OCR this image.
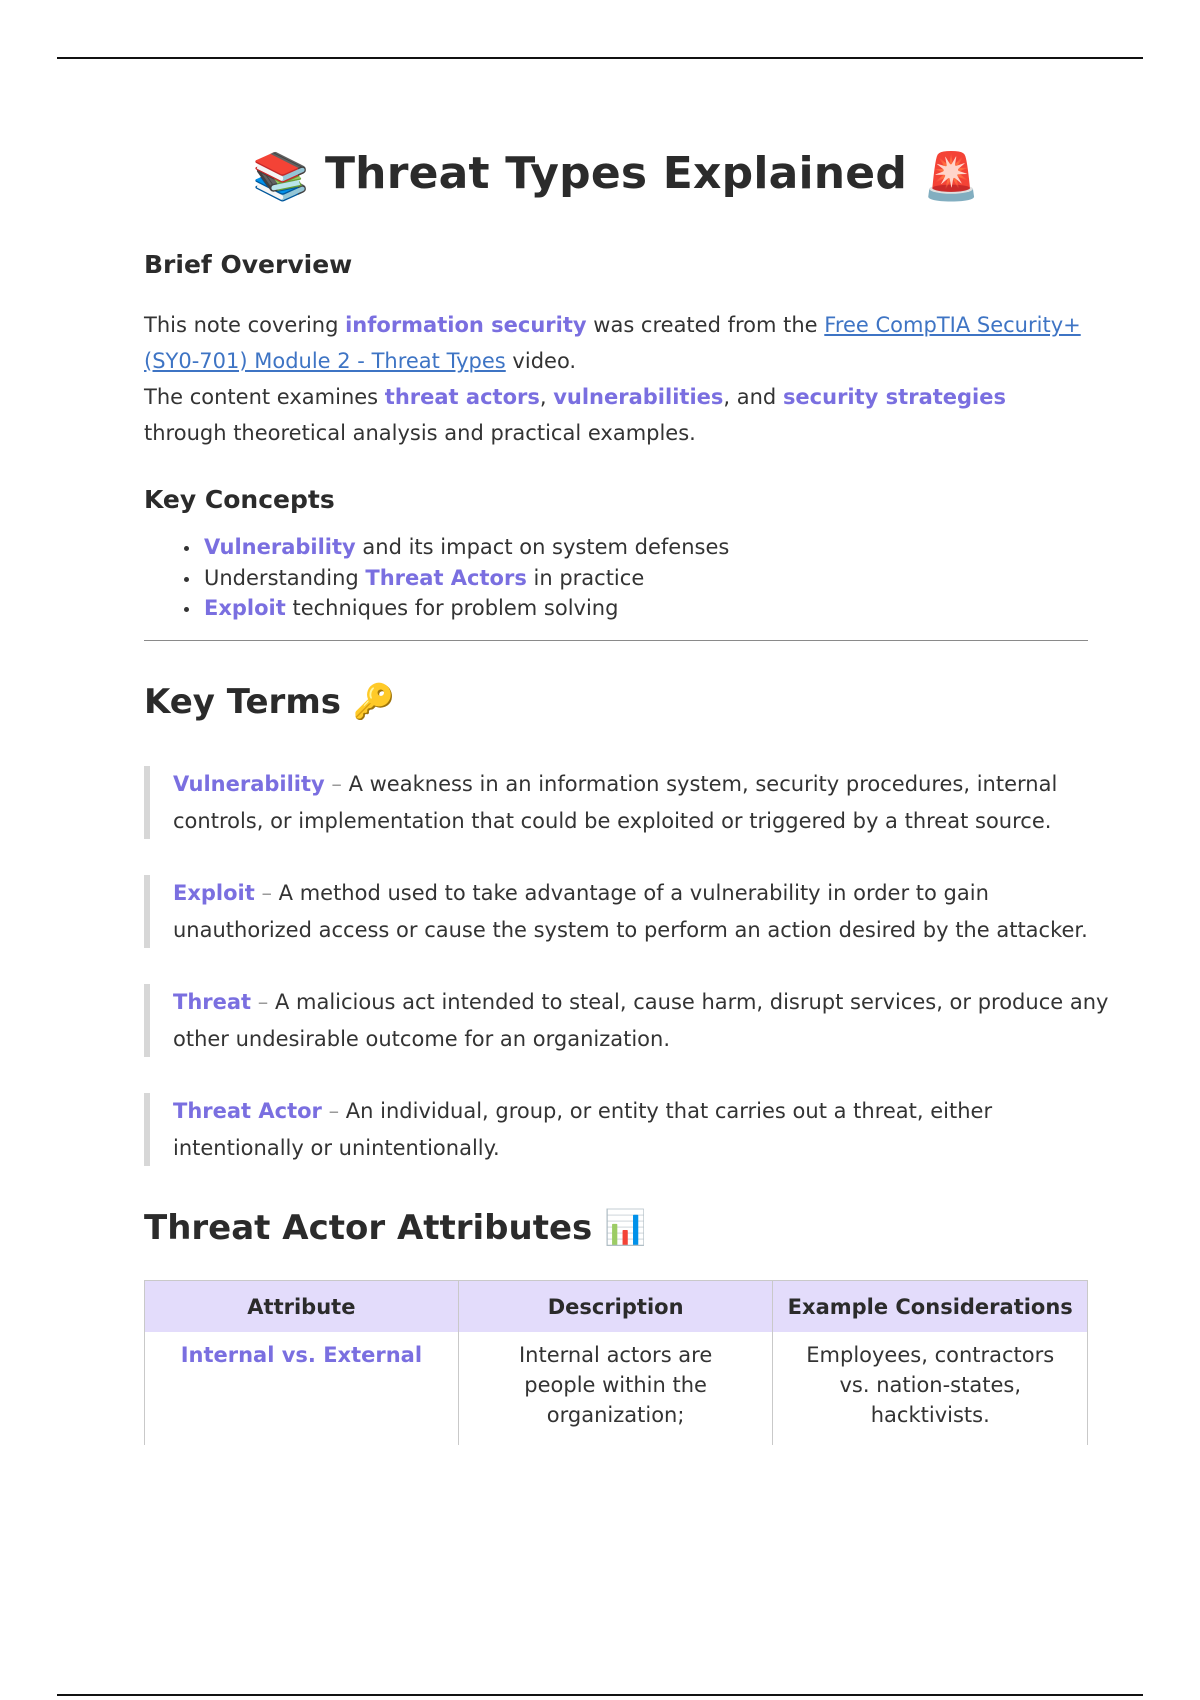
📚 Threat Types Explained 🚨
Brief Overview
This note covering information security was created from the Free CompTIA Security+ (SY0-701) Module 2 - Threat Types video.
The content examines threat actors, vulnerabilities, and security strategies through theoretical analysis and practical examples.
Key Concepts
Vulnerability and its impact on system defenses
Understanding Threat Actors in practice
Exploit techniques for problem solving
Key Terms 🔑
Vulnerability – A weakness in an information system, security procedures, internal controls, or implementation that could be exploited or triggered by a threat source.
Exploit – A method used to take advantage of a vulnerability in order to gain unauthorized access or cause the system to perform an action desired by the attacker.
Threat – A malicious act intended to steal, cause harm, disrupt services, or produce any other undesirable outcome for an organization.
Threat Actor – An individual, group, or entity that carries out a threat, either intentionally or unintentionally.
Threat Actor Attributes 📊
Attribute	Description	Example Considerations
Internal vs. External	Internal actors are people within the organization;	Employees, contractors vs. nation-states, hacktivists.
